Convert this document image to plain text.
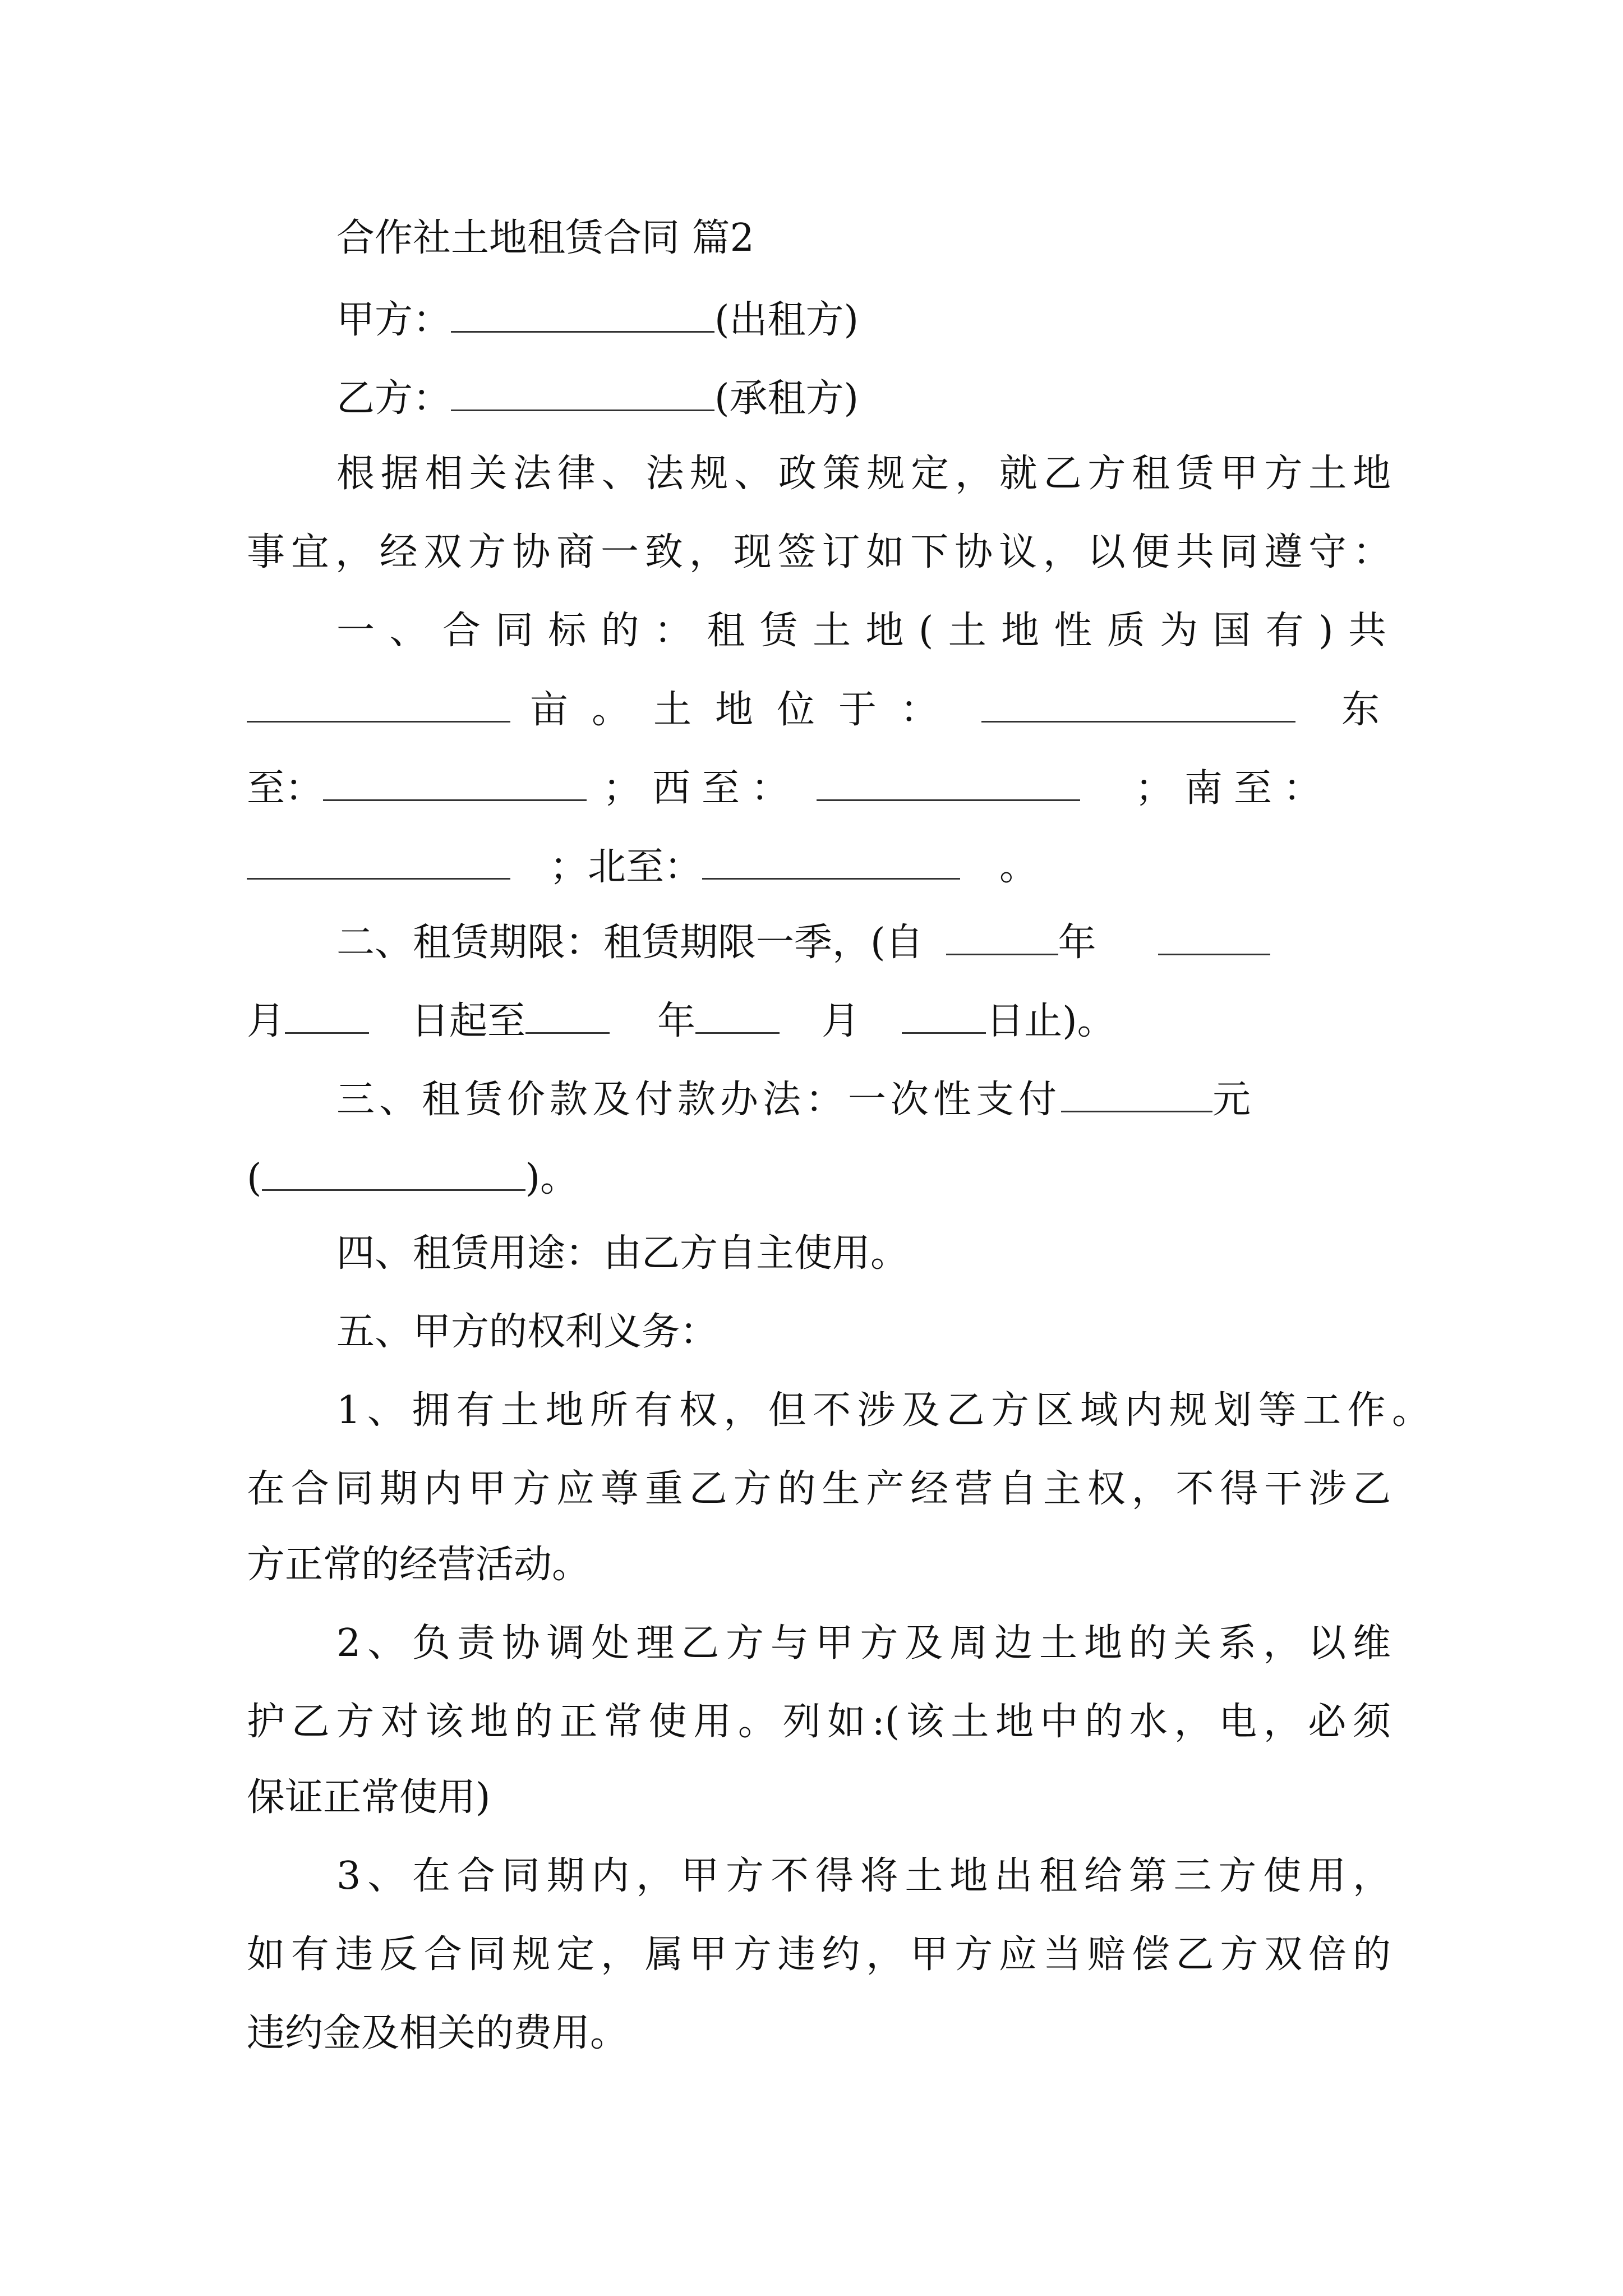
合作社土地租赁合同 篇2
甲方：	(出租方)
乙方：	(承租方)
根据相关法律、法规、政策规定，就乙方租赁甲方土地
事宜，经双方协商一致，现签订如下协议，以便共同遵守：
一、合同标的：租赁土地(土地性质为国有)共
亩。土地位于：	东
至：	；西至：	；南至：
；北至：	。
二、租赁期限：租赁期限一季，(自	年
月	日起至	年	月	日止)。
三、租赁价款及付款办法：一次性支付	元
(	)。
四、租赁用途：由乙方自主使用。
五、甲方的权利义务：
1、拥有土地所有权，但不涉及乙方区域内规划等工作。
在合同期内甲方应尊重乙方的生产经营自主权，不得干涉乙
方正常的经营活动。
2、负责协调处理乙方与甲方及周边土地的关系，以维
护乙方对该地的正常使用。列如:(该土地中的水，电，必须
保证正常使用)
3、在合同期内，甲方不得将土地出租给第三方使用，
如有违反合同规定，属甲方违约，甲方应当赔偿乙方双倍的
违约金及相关的费用。
